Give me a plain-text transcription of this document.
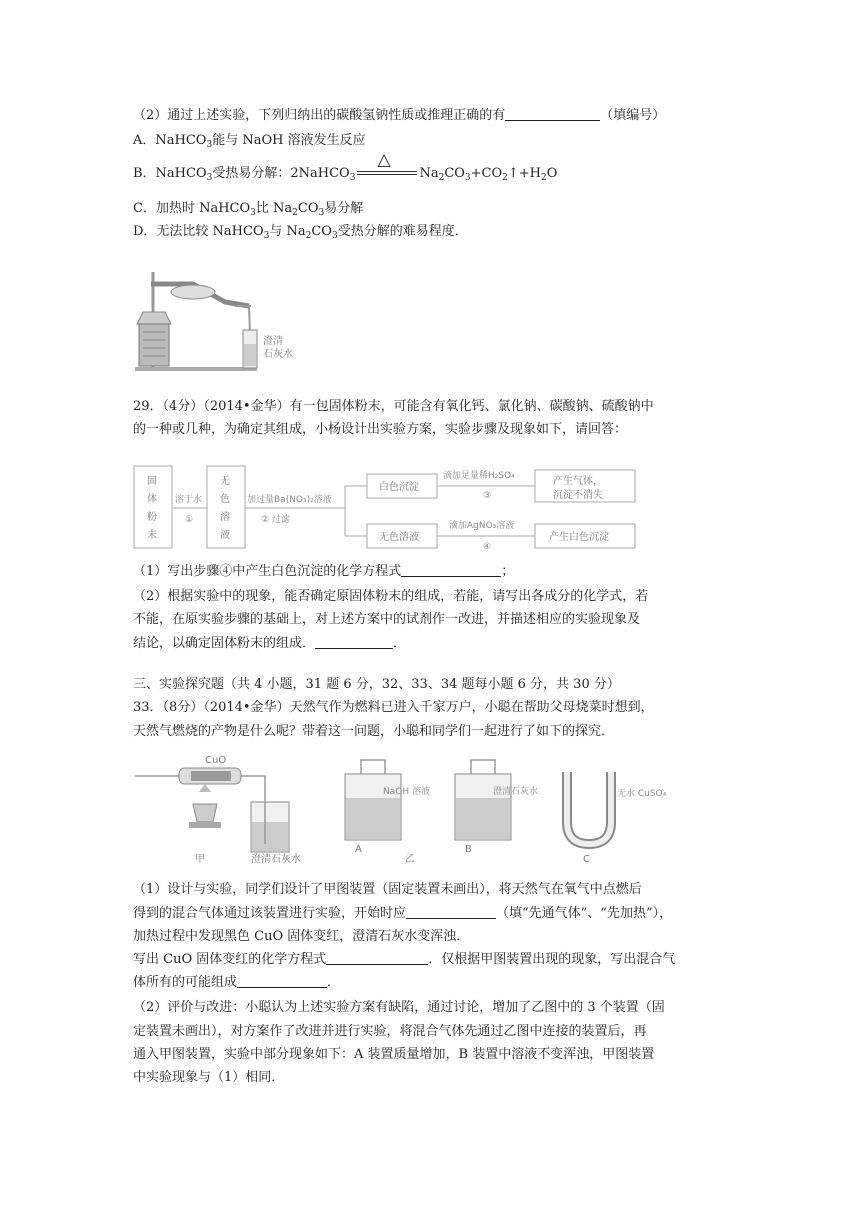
（2）通过上述实验，下列归纳出的碳酸氢钠性质或推理正确的有	（填编号）
A．NaHCO$_3$能与 NaOH 溶液发生反应
B．NaHCO$_3$受热易分解：2NaHCO$_3$
△
$Na_2CO_3+CO_2↑+H_2O$
C．加热时 NaHCO$_3$比 $Na_2CO_3$易分解
D．无法比较 NaHCO$_3$与 $Na_2CO_3$受热分解的难易程度．
澄清
石灰水
29．（4分）（2014•金华）有一包固体粉末，可能含有氧化钙、氯化钠、碳酸钠、硫酸钠中
的一种或几种，为确定其组成，小杨设计出实验方案，实验步骤及现象如下，请回答：
固
体
粉
末
溶于水
①
无
色
溶
液
加过量Ba(NO₃)₂溶液
② 过滤
白色沉淀
滴加足量稀H₂SO₄
③
产生气体，
沉淀不消失
无色溶液
滴加AgNO₃溶液
④
产生白色沉淀
（1）写出步骤④中产生白色沉淀的化学方程式	；
（2）根据实验中的现象，能否确定原固体粉末的组成，若能，请写出各成分的化学式，若
不能，在原实验步骤的基础上，对上述方案中的试剂作一改进，并描述相应的实验现象及
结论，以确定固体粉末的组成．	．
三、实验探究题（共 4 小题，31 题 6 分，32、33、34 题每小题 6 分，共 30 分）
33．（8分）（2014•金华）天然气作为燃料已进入千家万户，小聪在帮助父母烧菜时想到，
天然气燃烧的产物是什么呢？带着这一问题，小聪和同学们一起进行了如下的探究．
CuO
甲	澄清石灰水
NaOH 溶液
A
乙
澄清石灰水
B
无水 CuSO₄
C
（1）设计与实验，同学们设计了甲图装置（固定装置未画出），将天然气在氧气中点燃后
得到的混合气体通过该装置进行实验，开始时应	（填“先通气体”、“先加热”），
加热过程中发现黑色 CuO 固体变红，澄清石灰水变浑浊．
写出 CuO 固体变红的化学方程式	．仅根据甲图装置出现的现象，写出混合气
体所有的可能组成	．
（2）评价与改进：小聪认为上述实验方案有缺陷，通过讨论，增加了乙图中的 3 个装置（固
定装置未画出），对方案作了改进并进行实验，将混合气体先通过乙图中连接的装置后，再
通入甲图装置，实验中部分现象如下：A 装置质量增加，B 装置中溶液不变浑浊，甲图装置
中实验现象与（1）相同．
